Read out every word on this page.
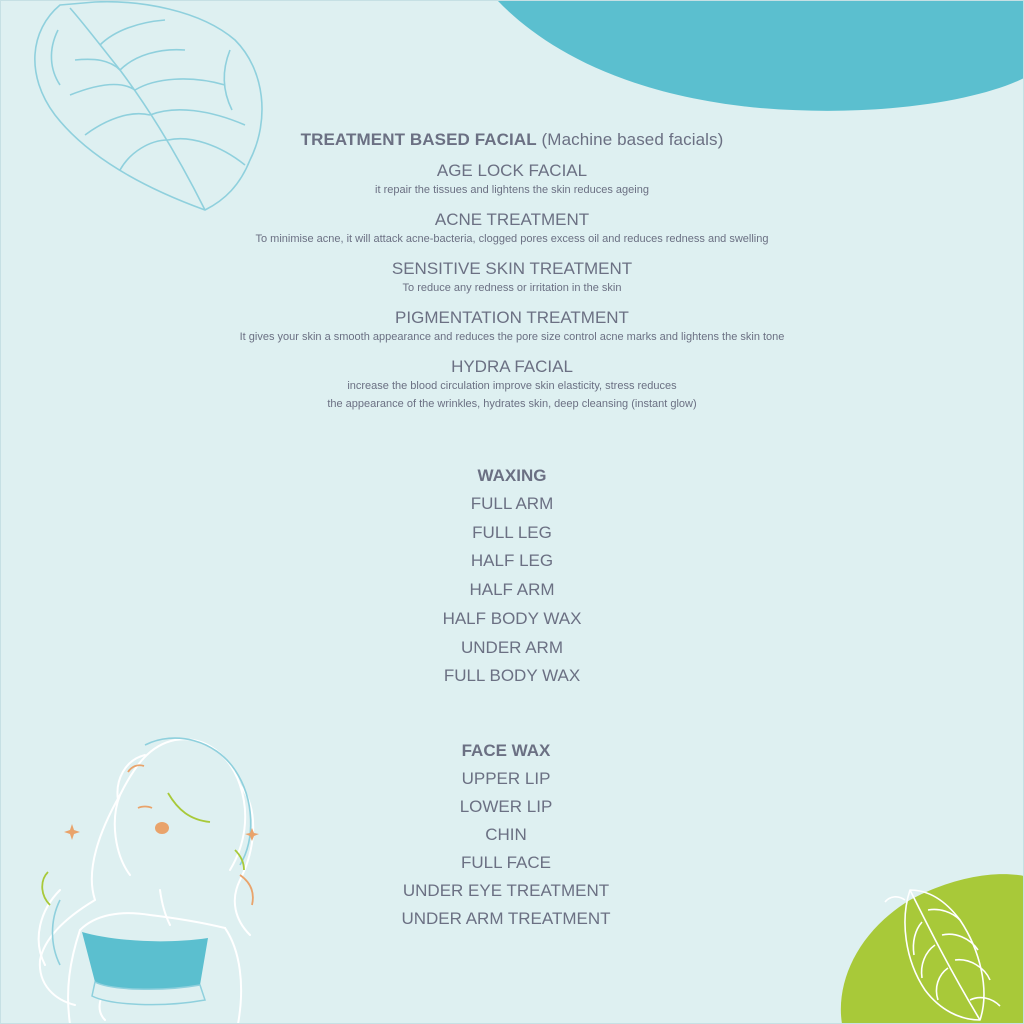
TREATMENT BASED FACIAL (Machine based facials)

AGE LOCK FACIAL

it repair the tissues and lightens the skin reduces ageing

ACNE TREATMENT

To minimise acne, it will attack acne-bacteria, clogged pores excess oil and reduces redness and swelling

SENSITIVE SKIN TREATMENT

To reduce any redness or irritation in the skin

PIGMENTATION TREATMENT

It gives your skin a smooth appearance and reduces the pore size control acne marks and lightens the skin tone

HYDRA FACIAL

increase the blood circulation improve skin elasticity, stress reduces

the appearance of the wrinkles, hydrates skin, deep cleansing (instant glow)

WAXING

FULL ARM

FULL LEG

HALF LEG

HALF ARM

HALF BODY WAX

UNDER ARM

FULL BODY WAX

FACE WAX

UPPER LIP

LOWER LIP

CHIN

FULL FACE

UNDER EYE TREATMENT

UNDER ARM TREATMENT
